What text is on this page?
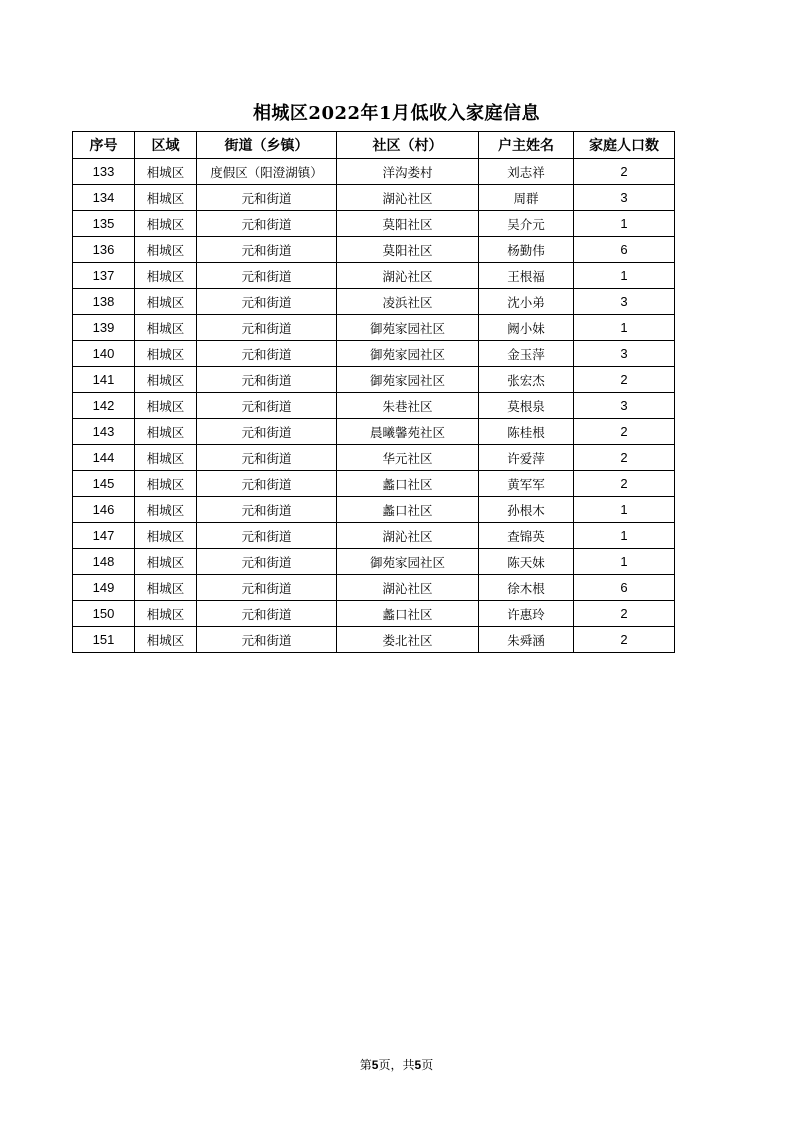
相城区2022年1月低收入家庭信息
序号	区域	街道（乡镇）	社区（村）	户主姓名	家庭人口数
133	相城区	度假区（阳澄湖镇）	洋沟娄村	刘志祥	2
134	相城区	元和街道	湖沁社区	周群	3
135	相城区	元和街道	莫阳社区	吴介元	1
136	相城区	元和街道	莫阳社区	杨勤伟	6
137	相城区	元和街道	湖沁社区	王根福	1
138	相城区	元和街道	凌浜社区	沈小弟	3
139	相城区	元和街道	御苑家园社区	阙小妹	1
140	相城区	元和街道	御苑家园社区	金玉萍	3
141	相城区	元和街道	御苑家园社区	张宏杰	2
142	相城区	元和街道	朱巷社区	莫根泉	3
143	相城区	元和街道	晨曦馨苑社区	陈桂根	2
144	相城区	元和街道	华元社区	许爱萍	2
145	相城区	元和街道	蠡口社区	黄军军	2
146	相城区	元和街道	蠡口社区	孙根木	1
147	相城区	元和街道	湖沁社区	查锦英	1
148	相城区	元和街道	御苑家园社区	陈天妹	1
149	相城区	元和街道	湖沁社区	徐木根	6
150	相城区	元和街道	蠡口社区	许惠玲	2
151	相城区	元和街道	娄北社区	朱舜涵	2
第5页，共5页
